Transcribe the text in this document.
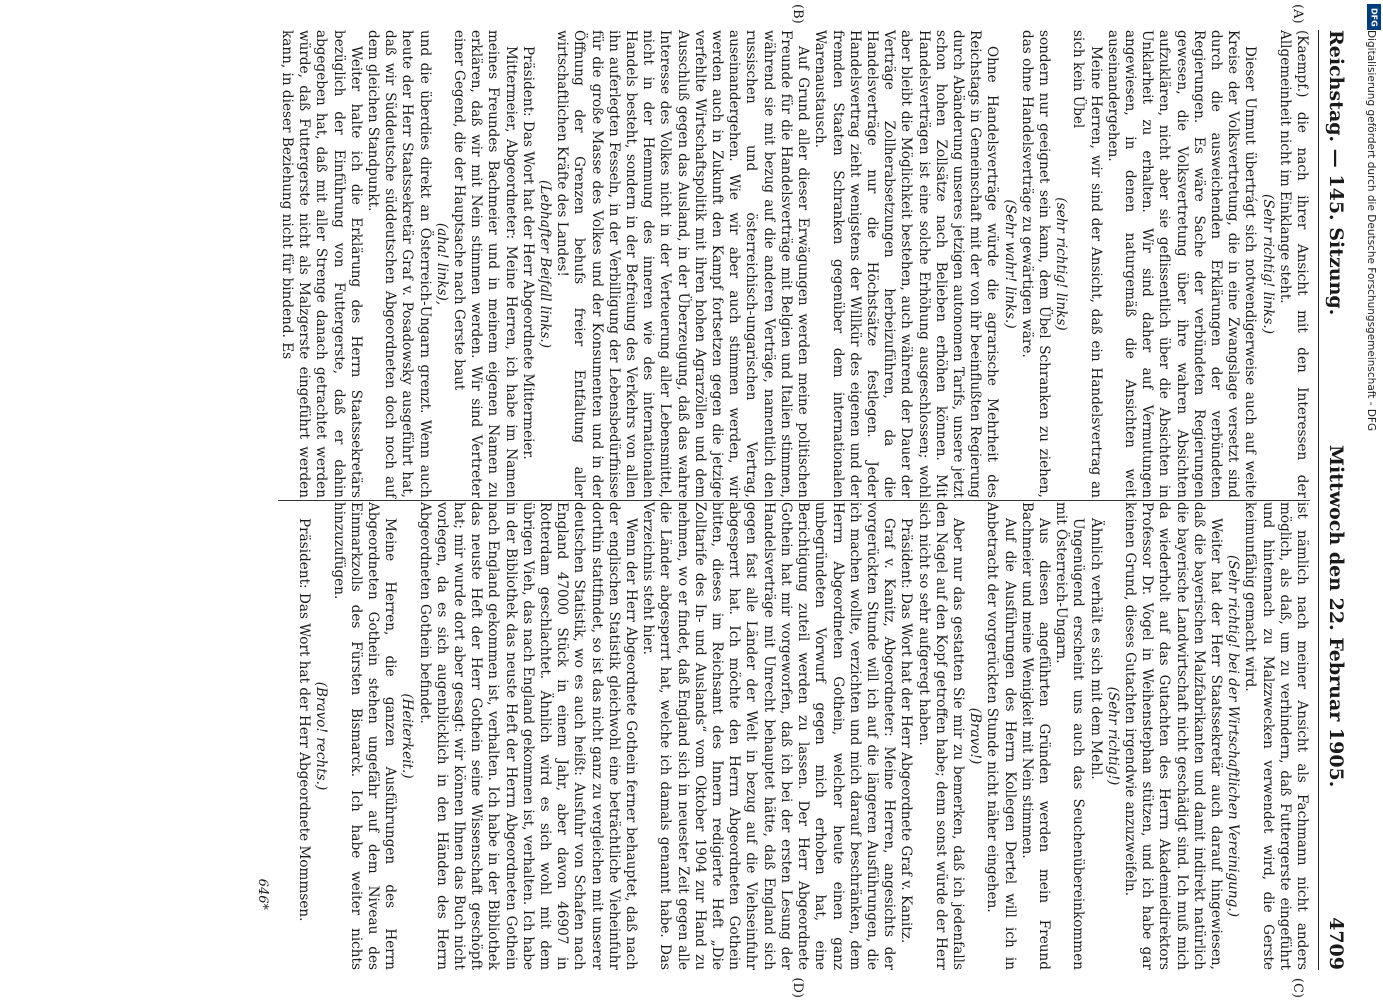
Reichstag. — 145. Sitzung.
Mittwoch den 22. Februar 1905.
4709

(Kaempf.) die nach ihrer Ansicht mit den Interessen der Allgemeinheit nicht im Einklange steht.

(Sehr richtig! links.)

Dieser Unmut übertrágt sich notwendigerweise auch auf weite Kreise der Volksvertretung, die in eine Zwangslage versetzt sind durch die ausweichenden Erklärungen der verbündeten Regierungen. Es wäre Sache der verbündeten Regierungen gewesen, die Volksvertretung über ihre wahren Absichten aufzuklären, nicht aber sie geflissentlich über die Absichten in Unklarheit zu erhalten. Wir sind daher auf Vermutungen angewiesen, in denen naturgemäß die Ansichten weit auseinandergehen.

Meine Herren, wir sind der Ansicht, daß ein Handelsvertrag an sich kein Übel

(sehr richtig! links)

sondern nur geeignet sein kann, dem Übel Schranken zu ziehen, das ohne Handelsverträge zu gewärtigen wäre.

(Sehr wahr! links.)

Ohne Handelsverträge würde die agrarische Mehrheit des Reichstags in Gemeinschaft mit der von ihr beeinflußten Regierung durch Abänderung unseres jetzigen autonomen Tarifs, unsere jetzt schon hohen Zollsätze nach Belieben erhöhen können. Mit Handelsverträgen ist eine solche Erhöhung ausgeschlossen; wohl aber bleibt die Möglichkeit bestehen, auch während der Dauer der Verträge Zollherabsetzungen herbeizuführen, da die Handelsverträge nur die Höchstsätze festlegen. Jeder Handelsvertrag zieht wenigstens der Willkür des eigenen und der fremden Staaten Schranken gegenüber dem internationalen Warenaustausch.

Auf Grund aller dieser Erwägungen werden meine politischen Freunde für die Handelsverträge mit Belgien und Italien stimmen, während sie mit bezug auf die anderen Verträge, namentlich den russischen und österreichisch-ungarischen Vertrag, auseinandergehen. Wie wir aber auch stimmen werden, wir werden auch in Zukunft den Kampf fortsetzen gegen die jetzige verfehlte Wirtschaftspolitik mit ihren hohen Agrarzöllen und dem Ausschluß gegen das Ausland, in der Überzeugung, daß das wahre Interesse des Volkes nicht in der Verteuerung aller Lebensmittel, nicht in der Hemmung des inneren wie des internationalen Handels besteht, sondern in der Befreiung des Verkehrs von allen ihn auferlegten Fesseln, in der Verbilligung der Lebensbedürfnisse für die große Masse des Volkes und der Konsumenten und in der Öffnung der Grenzen behufs freier Entfaltung aller wirtschaftlichen Kräfte des Landes!

(Lebhafter Beifall links.)

Präsident: Das Wort hat der Herr Abgeordnete Mittermeier.

Mittermeier, Abgeordneter: Meine Herren, ich habe im Namen meines Freundes Bachmeier und in meinem eigenen Namen zu erklären, daß wir mit Nein stimmen werden. Wir sind Vertreter einer Gegend, die der Hauptsache nach Gerste baut

(aha! links),

und die überdies direkt an Österreich-Ungarn grenzt. Wenn auch heute der Herr Staatssekretär Graf v. Posadowsky ausgeführt hat, daß wir Süddeutsche süddeutschen Abgeordneten doch noch auf dem gleichen Standpunkt.

Weiter halte ich die Erklärung des Herrn Staatssekretärs bezüglich der Einführung von Futtergerste, daß er dahin abgegeben hat, daß mit aller Strenge danach getrachtet werden würde, daß Futtergerste nicht als Malzgerste eingeführt werden kann, in dieser Beziehung nicht für bindend. Es

ist nämlich nach meiner Ansicht als Fachmann nicht anders möglich, als daß, um zu verhindern, daß Futtergerste eingeführt und hintennach zu Malzzwecken verwendet wird, die Gerste keimunfähig gemacht wird.

(Sehr richtig! bei der Wirtschaftlichen Vereinigung.)

Weiter hat der Herr Staatssekretär auch darauf hingewiesen, daß die bayerischen Malzfabrikanten und damit indirekt natürlich die bayerische Landwirtschaft nicht geschädigt sind. Ich muß mich da wiederholt auf das Gutachten des Herrn Akademiedirektors Professor Dr. Vogel in Weihenstephan stützen, und ich habe gar keinen Grund, dieses Gutachten irgendwie anzuzweifeln.

(Sehr richtig!)

Ähnlich verhält es sich mit dem Mehl.

Ungenügend erscheint uns auch das Seuchenübereinkommen mit Österreich-Ungarn.

Aus diesen angeführten Gründen werden mein Freund Bachmeier und meine Wenigkeit mit Nein stimmen.

Auf die Ausführungen des Herrn Kollegen Dertel will ich in Anbetracht der vorgerückten Stunde nicht näher eingehen.

(Bravo!)

Aber nur das gestatten Sie mir zu bemerken, daß ich jedenfalls den Nagel auf den Kopf getroffen habe; denn sonst würde der Herr sich nicht so sehr aufgeregt haben.

Präsident: Das Wort hat der Herr Abgeordnete Graf v. Kanitz.

Graf v. Kanitz, Abgeordneter: Meine Herren, angesichts der vorgerückten Stunde will ich auf die längeren Ausführungen, die ich machen wollte, verzichten und mich darauf beschränken, dem Herrn Abgeordneten Gothein, welcher heute einen ganz unbegründeten Vorwurf gegen mich erhoben hat, eine Berichtigung zuteil werden zu lassen. Der Herr Abgeordnete Gothein hat mir vorgeworfen, daß ich bei der ersten Lesung der Handelsverträge mit Unrecht behauptet hätte, daß England sich gegen fast alle Länder der Welt in bezug auf die Viehseinfuhr abgesperrt hat. Ich möchte den Herrn Abgeordneten Gothein bitten, dieses im Reichsamt des Innern redigierte Heft „Die Zolltarife des In- und Auslands“ vom Oktober 1904 zur Hand zu nehmen, wo er findet, daß England sich in neuester Zeit gegen alle die Länder abgesperrt hat, welche ich damals genannt habe. Das Verzeichnis steht hier.

Wenn der Herr Abgeordnete Gothein ferner behauptet, daß nach der englischen Statistik gleichwohl eine beträchtliche Vieheinfuhr dorthin stattfindet, so ist das nicht ganz zu vergleichen mit unserer deutschen Statistik, wo es auch heißt: Ausfuhr von Schafen nach England 47000 Stück in einem Jahr, aber davon 46907 in Rotterdam geschlachtet. Ähnlich wird es sich wohl mit dem übrigen Vieh, das nach England gekommen ist, verhalten. Ich habe in der Bibliothek das neuste Heft der Herrn Abgeordneten Gothein nach England gekommen ist, verhalten. Ich habe in der Bibliothek das neuste Heft der Herr Gothein seine Wissenschaft geschöpft hat; mir wurde dort aber gesagt: wir können Ihnen das Buch nicht vorlegen, da es sich augenblicklich in den Händen des Herrn Abgeordneten Gothein befindet.

(Heiterkeit.)

Meine Herren, die ganzen Ausführungen des Herrn Abgeordneten Gothein stehen ungefähr auf dem Niveau des Einmarkzolls des Fürsten Bismarck. Ich habe weiter nichts hinzuzufügen.

(Bravo! rechts.)

Präsident: Das Wort hat der Herr Abgeordnete Mommsen.

(A)
(B)
(C)
(D)
646*
DFG
Digitalisierung gefördert durch die Deutsche Forschungsgemeinschaft - DFG
